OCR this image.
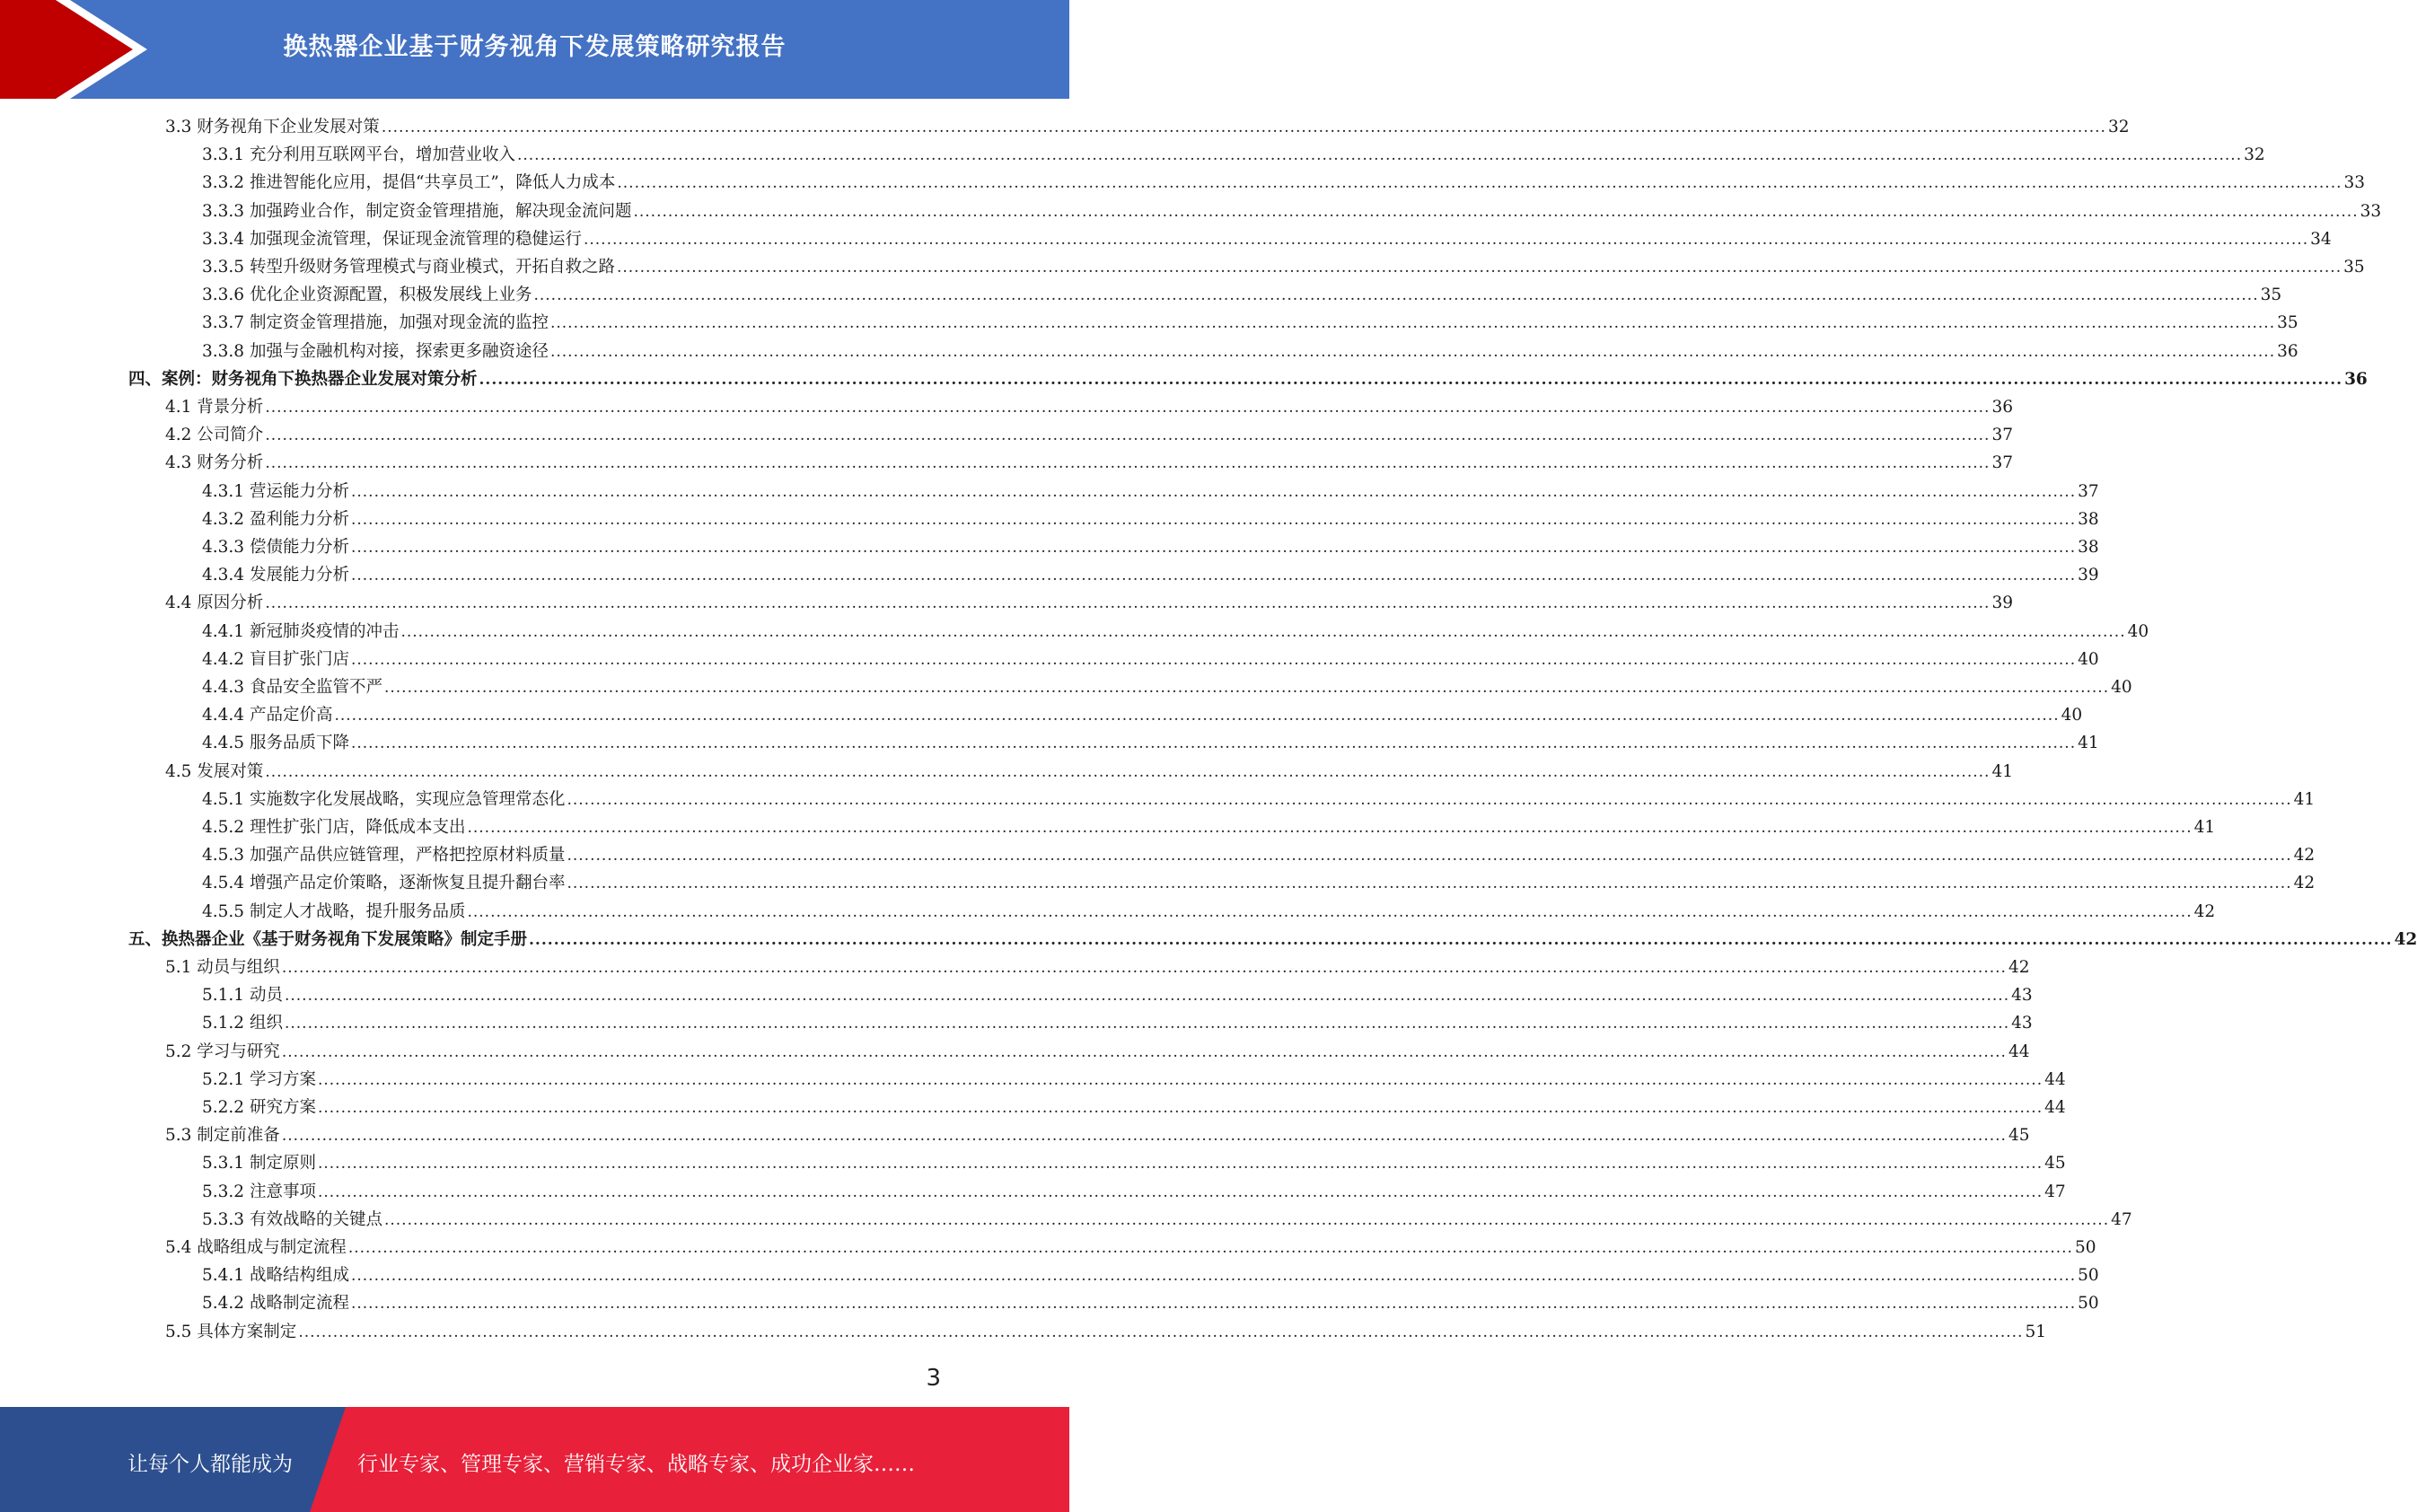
换热器企业基于财务视角下发展策略研究报告
3.3 财务视角下企业发展对策 ............................................................................................................................................................................................................................................................................................................ 32
3.3.1 充分利用互联网平台，增加营业收入 ............................................................................................................................................................................................................................................................................................................ 32
3.3.2 推进智能化应用，提倡“共享员工”，降低人力成本 ............................................................................................................................................................................................................................................................................................................ 33
3.3.3 加强跨业合作，制定资金管理措施，解决现金流问题 ............................................................................................................................................................................................................................................................................................................ 33
3.3.4 加强现金流管理，保证现金流管理的稳健运行 ............................................................................................................................................................................................................................................................................................................ 34
3.3.5 转型升级财务管理模式与商业模式，开拓自救之路 ............................................................................................................................................................................................................................................................................................................ 35
3.3.6 优化企业资源配置，积极发展线上业务 ............................................................................................................................................................................................................................................................................................................ 35
3.3.7 制定资金管理措施，加强对现金流的监控 ............................................................................................................................................................................................................................................................................................................ 35
3.3.8 加强与金融机构对接，探索更多融资途径 ............................................................................................................................................................................................................................................................................................................ 36
四、案例：财务视角下换热器企业发展对策分析 ............................................................................................................................................................................................................................................................................................................ 36
4.1 背景分析 ............................................................................................................................................................................................................................................................................................................ 36
4.2 公司简介 ............................................................................................................................................................................................................................................................................................................ 37
4.3 财务分析 ............................................................................................................................................................................................................................................................................................................ 37
4.3.1 营运能力分析 ............................................................................................................................................................................................................................................................................................................ 37
4.3.2 盈利能力分析 ............................................................................................................................................................................................................................................................................................................ 38
4.3.3 偿债能力分析 ............................................................................................................................................................................................................................................................................................................ 38
4.3.4 发展能力分析 ............................................................................................................................................................................................................................................................................................................ 39
4.4 原因分析 ............................................................................................................................................................................................................................................................................................................ 39
4.4.1 新冠肺炎疫情的冲击 ............................................................................................................................................................................................................................................................................................................ 40
4.4.2 盲目扩张门店 ............................................................................................................................................................................................................................................................................................................ 40
4.4.3 食品安全监管不严 ............................................................................................................................................................................................................................................................................................................ 40
4.4.4 产品定价高 ............................................................................................................................................................................................................................................................................................................ 40
4.4.5 服务品质下降 ............................................................................................................................................................................................................................................................................................................ 41
4.5 发展对策 ............................................................................................................................................................................................................................................................................................................ 41
4.5.1 实施数字化发展战略，实现应急管理常态化 ............................................................................................................................................................................................................................................................................................................ 41
4.5.2 理性扩张门店，降低成本支出 ............................................................................................................................................................................................................................................................................................................ 41
4.5.3 加强产品供应链管理，严格把控原材料质量 ............................................................................................................................................................................................................................................................................................................ 42
4.5.4 增强产品定价策略，逐渐恢复且提升翻台率 ............................................................................................................................................................................................................................................................................................................ 42
4.5.5 制定人才战略，提升服务品质 ............................................................................................................................................................................................................................................................................................................ 42
五、换热器企业《基于财务视角下发展策略》制定手册 ............................................................................................................................................................................................................................................................................................................ 42
5.1 动员与组织 ............................................................................................................................................................................................................................................................................................................ 42
5.1.1 动员 ............................................................................................................................................................................................................................................................................................................ 43
5.1.2 组织 ............................................................................................................................................................................................................................................................................................................ 43
5.2 学习与研究 ............................................................................................................................................................................................................................................................................................................ 44
5.2.1 学习方案 ............................................................................................................................................................................................................................................................................................................ 44
5.2.2 研究方案 ............................................................................................................................................................................................................................................................................................................ 44
5.3 制定前准备 ............................................................................................................................................................................................................................................................................................................ 45
5.3.1 制定原则 ............................................................................................................................................................................................................................................................................................................ 45
5.3.2 注意事项 ............................................................................................................................................................................................................................................................................................................ 47
5.3.3 有效战略的关键点 ............................................................................................................................................................................................................................................................................................................ 47
5.4 战略组成与制定流程 ............................................................................................................................................................................................................................................................................................................ 50
5.4.1 战略结构组成 ............................................................................................................................................................................................................................................................................................................ 50
5.4.2 战略制定流程 ............................................................................................................................................................................................................................................................................................................ 50
5.5 具体方案制定 ............................................................................................................................................................................................................................................................................................................ 51
3
让每个人都能成为	行业专家、管理专家、营销专家、战略专家、成功企业家……
